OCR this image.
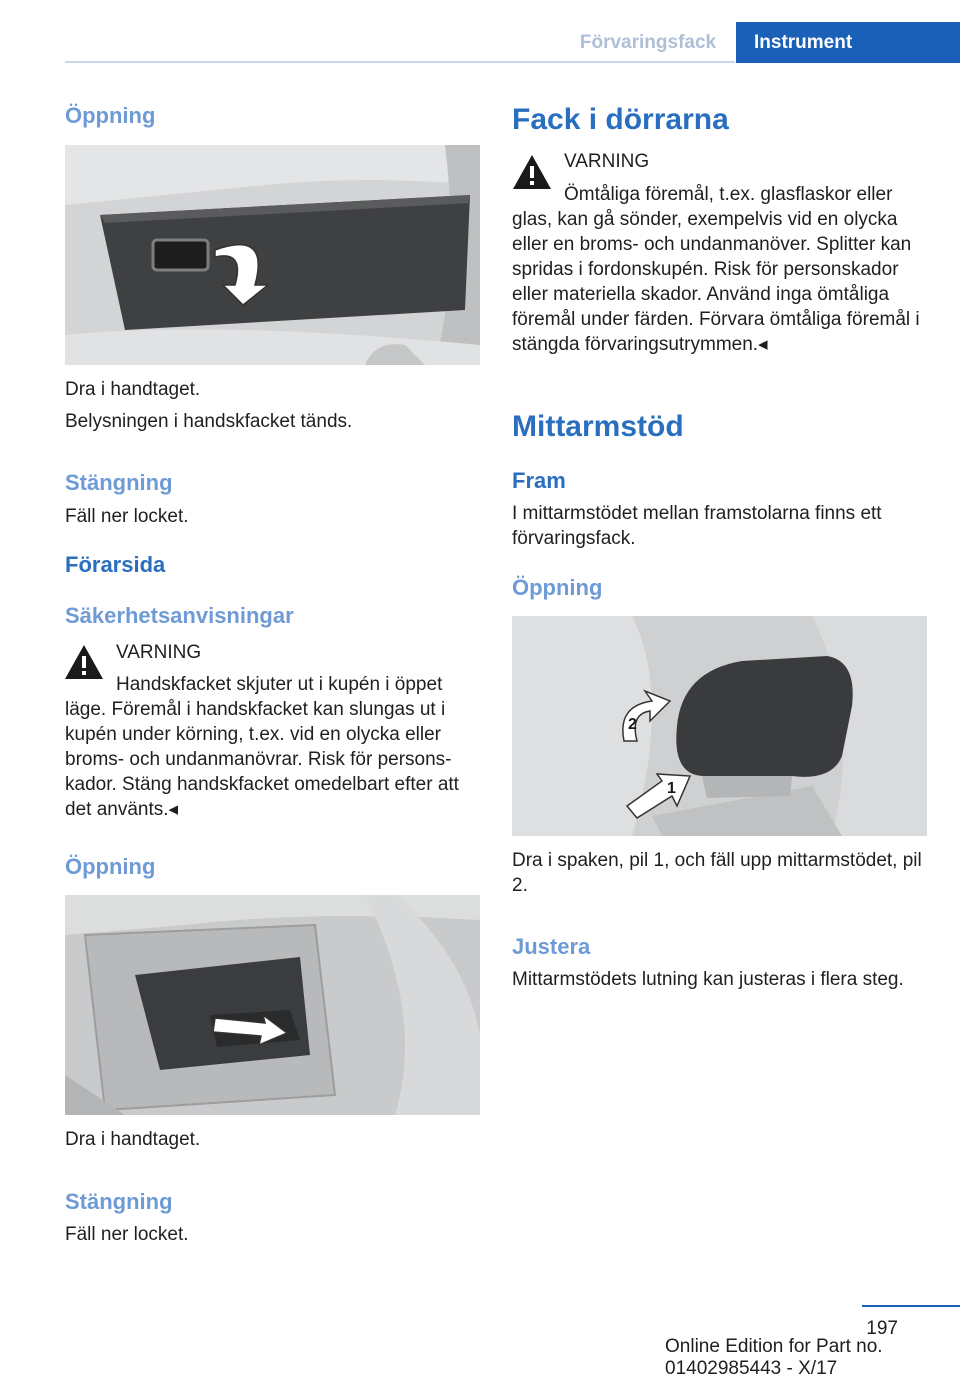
Förvaringsfack	Instrument
Öppning

Dra i handtaget.

Belysningen i handskfacket tänds.

Stängning

Fäll ner locket.

Förarsida
Säkerhetsanvisningar

VARNING

Handskfacket skjuter ut i kupén i öppet läge. Föremål i handskfacket kan slungas ut i kupén under körning, t.ex. vid en olycka eller broms- och undanmanövrar. Risk för personskador. Stäng handskfacket omedelbart efter att det använts.◂

Öppning

Dra i handtaget.

Stängning

Fäll ner locket.

Fack i dörrarna

VARNING

Ömtåliga föremål, t.ex. glasflaskor eller glas, kan gå sönder, exempelvis vid en olycka eller en broms- och undanmanöver. Splitter kan spridas i fordonskupén. Risk för personskador eller materiella skador. Använd inga ömtåliga föremål under färden. Förvara ömtåliga föremål i stängda förvaringsutrymmen.◂

Mittarmstöd
Fram

I mittarmstödet mellan framstolarna finns ett förvaringsfack.

Öppning
2
1

Dra i spaken, pil 1, och fäll upp mittarmstödet, pil 2.

Justera

Mittarmstödets lutning kan justeras i flera steg.

197
Online Edition for Part no. 01402985443 - X/17
